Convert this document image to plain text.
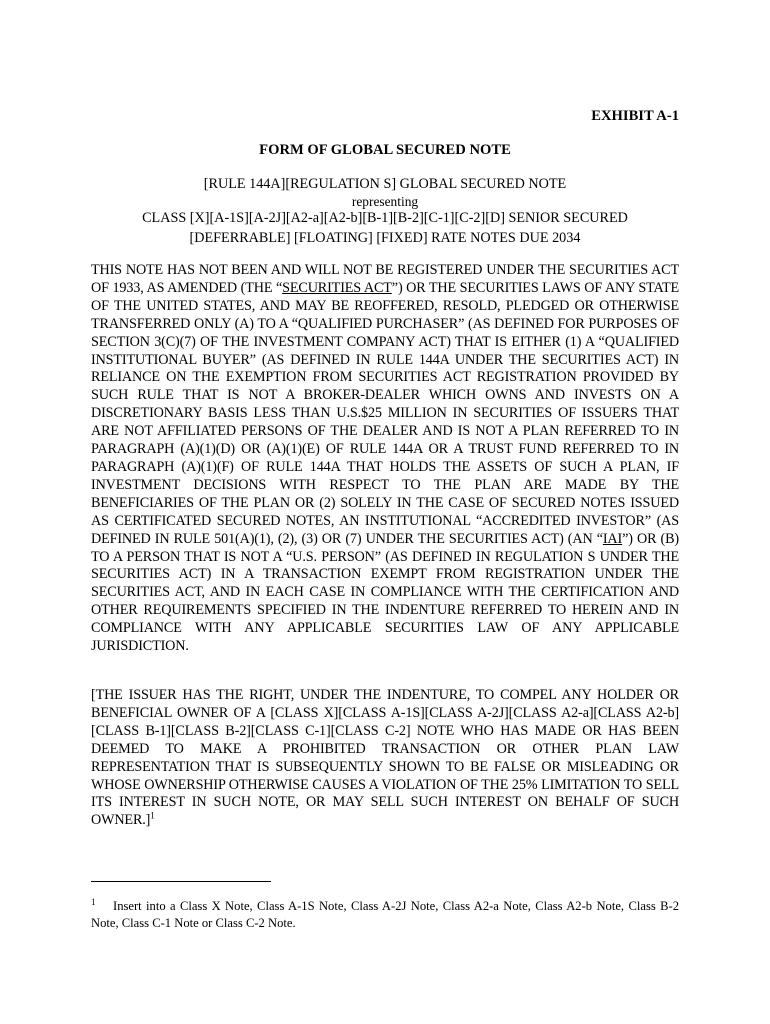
EXHIBIT A-1
FORM OF GLOBAL SECURED NOTE
[RULE 144A][REGULATION S] GLOBAL SECURED NOTE
representing
CLASS [X][A-1S][A-2J][A2-a][A2-b][B-1][B-2][C-1][C-2][D] SENIOR SECURED
[DEFERRABLE] [FLOATING] [FIXED] RATE NOTES DUE 2034

THIS NOTE HAS NOT BEEN AND WILL NOT BE REGISTERED UNDER THE SECURITIES ACT OF 1933, AS AMENDED (THE “SECURITIES ACT”) OR THE SECURITIES LAWS OF ANY STATE OF THE UNITED STATES, AND MAY BE REOFFERED, RESOLD, PLEDGED OR OTHERWISE TRANSFERRED ONLY (A) TO A “QUALIFIED PURCHASER” (AS DEFINED FOR PURPOSES OF SECTION 3(C)(7) OF THE INVESTMENT COMPANY ACT) THAT IS EITHER (1) A “QUALIFIED INSTITUTIONAL BUYER” (AS DEFINED IN RULE 144A UNDER THE SECURITIES ACT) IN RELIANCE ON THE EXEMPTION FROM SECURITIES ACT REGISTRATION PROVIDED BY SUCH RULE THAT IS NOT A BROKER-DEALER WHICH OWNS AND INVESTS ON A DISCRETIONARY BASIS LESS THAN U.S.$25 MILLION IN SECURITIES OF ISSUERS THAT ARE NOT AFFILIATED PERSONS OF THE DEALER AND IS NOT A PLAN REFERRED TO IN PARAGRAPH (A)(1)(D) OR (A)(1)(E) OF RULE 144A OR A TRUST FUND REFERRED TO IN PARAGRAPH (A)(1)(F) OF RULE 144A THAT HOLDS THE ASSETS OF SUCH A PLAN, IF INVESTMENT DECISIONS WITH RESPECT TO THE PLAN ARE MADE BY THE BENEFICIARIES OF THE PLAN OR (2) SOLELY IN THE CASE OF SECURED NOTES ISSUED AS CERTIFICATED SECURED NOTES, AN INSTITUTIONAL “ACCREDITED INVESTOR” (AS DEFINED IN RULE 501(A)(1), (2), (3) OR (7) UNDER THE SECURITIES ACT) (AN “IAI”) OR (B) TO A PERSON THAT IS NOT A “U.S. PERSON” (AS DEFINED IN REGULATION S UNDER THE SECURITIES ACT) IN A TRANSACTION EXEMPT FROM REGISTRATION UNDER THE SECURITIES ACT, AND IN EACH CASE IN COMPLIANCE WITH THE CERTIFICATION AND OTHER REQUIREMENTS SPECIFIED IN THE INDENTURE REFERRED TO HEREIN AND IN COMPLIANCE WITH ANY APPLICABLE SECURITIES LAW OF ANY APPLICABLE JURISDICTION.

[THE ISSUER HAS THE RIGHT, UNDER THE INDENTURE, TO COMPEL ANY HOLDER OR BENEFICIAL OWNER OF A [CLASS X][CLASS A-1S][CLASS A-2J][CLASS A2-a][CLASS A2-b][CLASS B-1][CLASS B-2][CLASS C-1][CLASS C-2] NOTE WHO HAS MADE OR HAS BEEN DEEMED TO MAKE A PROHIBITED TRANSACTION OR OTHER PLAN LAW REPRESENTATION THAT IS SUBSEQUENTLY SHOWN TO BE FALSE OR MISLEADING OR WHOSE OWNERSHIP OTHERWISE CAUSES A VIOLATION OF THE 25% LIMITATION TO SELL ITS INTEREST IN SUCH NOTE, OR MAY SELL SUCH INTEREST ON BEHALF OF SUCH OWNER.]$^1$

1 Insert into a Class X Note, Class A-1S Note, Class A-2J Note, Class A2-a Note, Class A2-b Note, Class B-2 Note, Class C-1 Note or Class C-2 Note.
